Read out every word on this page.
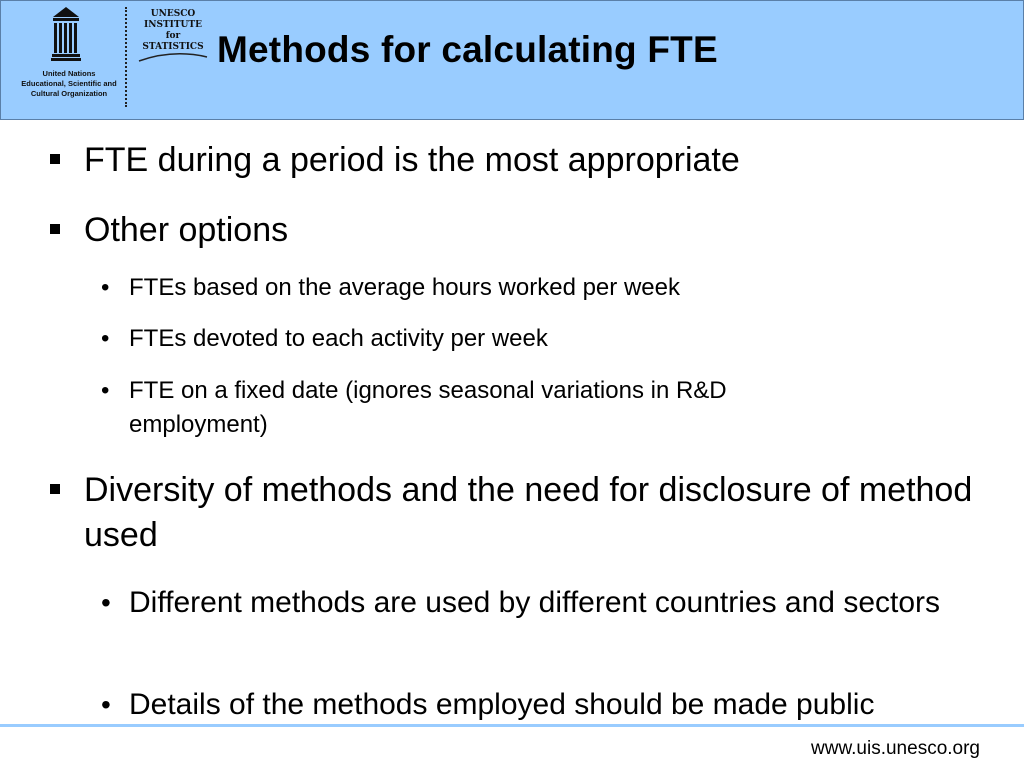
United Nations
Educational, Scientific and
Cultural Organization
UNESCO
INSTITUTE
for
STATISTICS Methods for calculating FTE
FTE during a period is the most appropriate
Other options
• FTEs based on the average hours worked per week
• FTEs devoted to each activity per week
• FTE on a fixed date (ignores seasonal variations in R&D employment)
Diversity of methods and the need for disclosure of method used
• Different methods are used by different countries and sectors
• Details of the methods employed should be made public
www.uis.unesco.org
